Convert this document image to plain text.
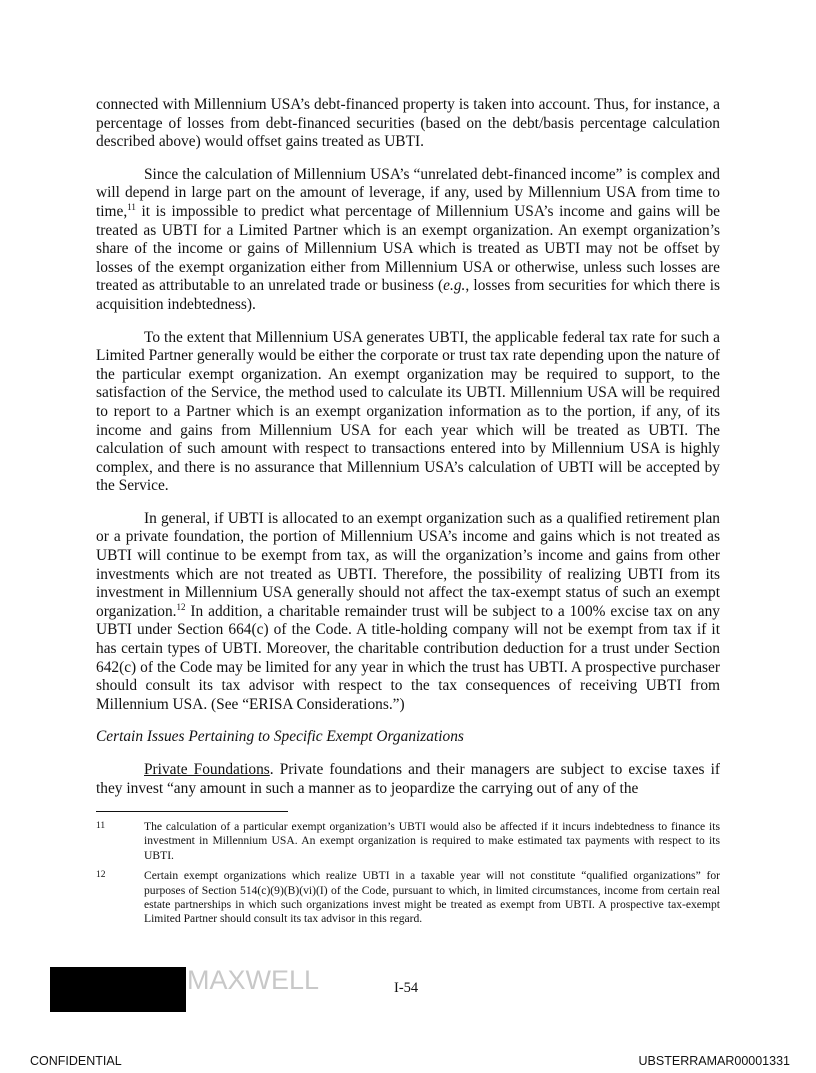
connected with Millennium USA’s debt-financed property is taken into account. Thus, for instance, a percentage of losses from debt-financed securities (based on the debt/basis percentage calculation described above) would offset gains treated as UBTI.

Since the calculation of Millennium USA’s “unrelated debt-financed income” is complex and will depend in large part on the amount of leverage, if any, used by Millennium USA from time to time,$^{11}$ it is impossible to predict what percentage of Millennium USA’s income and gains will be treated as UBTI for a Limited Partner which is an exempt organization. An exempt organization’s share of the income or gains of Millennium USA which is treated as UBTI may not be offset by losses of the exempt organization either from Millennium USA or otherwise, unless such losses are treated as attributable to an unrelated trade or business (e.g., losses from securities for which there is acquisition indebtedness).

To the extent that Millennium USA generates UBTI, the applicable federal tax rate for such a Limited Partner generally would be either the corporate or trust tax rate depending upon the nature of the particular exempt organization. An exempt organization may be required to support, to the satisfaction of the Service, the method used to calculate its UBTI. Millennium USA will be required to report to a Partner which is an exempt organization information as to the portion, if any, of its income and gains from Millennium USA for each year which will be treated as UBTI. The calculation of such amount with respect to transactions entered into by Millennium USA is highly complex, and there is no assurance that Millennium USA’s calculation of UBTI will be accepted by the Service.

In general, if UBTI is allocated to an exempt organization such as a qualified retirement plan or a private foundation, the portion of Millennium USA’s income and gains which is not treated as UBTI will continue to be exempt from tax, as will the organization’s income and gains from other investments which are not treated as UBTI. Therefore, the possibility of realizing UBTI from its investment in Millennium USA generally should not affect the tax-exempt status of such an exempt organization.$^{12}$ In addition, a charitable remainder trust will be subject to a 100% excise tax on any UBTI under Section 664(c) of the Code. A title-holding company will not be exempt from tax if it has certain types of UBTI. Moreover, the charitable contribution deduction for a trust under Section 642(c) of the Code may be limited for any year in which the trust has UBTI. A prospective purchaser should consult its tax advisor with respect to the tax consequences of receiving UBTI from Millennium USA. (See “ERISA Considerations.”)

Certain Issues Pertaining to Specific Exempt Organizations

Private Foundations. Private foundations and their managers are subject to excise taxes if they invest “any amount in such a manner as to jeopardize the carrying out of any of the

11	The calculation of a particular exempt organization’s UBTI would also be affected if it incurs indebtedness to finance its investment in Millennium USA. An exempt organization is required to make estimated tax payments with respect to its UBTI.
12	Certain exempt organizations which realize UBTI in a taxable year will not constitute “qualified organizations” for purposes of Section 514(c)(9)(B)(vi)(I) of the Code, pursuant to which, in limited circumstances, income from certain real estate partnerships in which such organizations invest might be treated as exempt from UBTI. A prospective tax-exempt Limited Partner should consult its tax advisor in this regard.
MAXWELL	I-54
CONFIDENTIAL	UBSTERRAMAR00001331
